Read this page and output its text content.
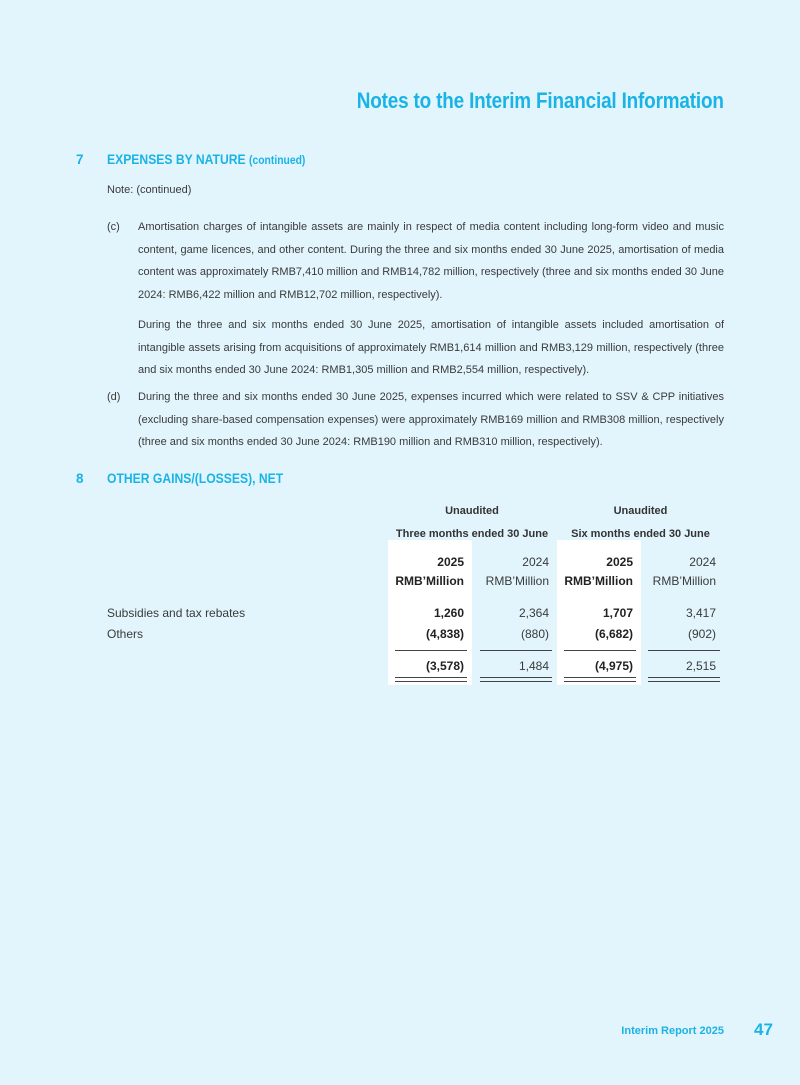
Notes to the Interim Financial Information
7 EXPENSES BY NATURE (continued)
Note: (continued)
(c) Amortisation charges of intangible assets are mainly in respect of media content including long-form video and music content, game licences, and other content. During the three and six months ended 30 June 2025, amortisation of media content was approximately RMB7,410 million and RMB14,782 million, respectively (three and six months ended 30 June 2024: RMB6,422 million and RMB12,702 million, respectively).
During the three and six months ended 30 June 2025, amortisation of intangible assets included amortisation of intangible assets arising from acquisitions of approximately RMB1,614 million and RMB3,129 million, respectively (three and six months ended 30 June 2024: RMB1,305 million and RMB2,554 million, respectively).
(d) During the three and six months ended 30 June 2025, expenses incurred which were related to SSV & CPP initiatives (excluding share-based compensation expenses) were approximately RMB169 million and RMB308 million, respectively (three and six months ended 30 June 2024: RMB190 million and RMB310 million, respectively).
8 OTHER GAINS/(LOSSES), NET
Unaudited
Three months ended 30 June
Unaudited
Six months ended 30 June
2025	2024	2025	2024
RMB’Million RMB’Million RMB’Million RMB’Million
Subsidies and tax rebates	1,260	2,364	1,707	3,417
Others	(4,838)	(880)	(6,682)	(902)
(3,578)	1,484	(4,975)	2,515
Interim Report 2025 47
